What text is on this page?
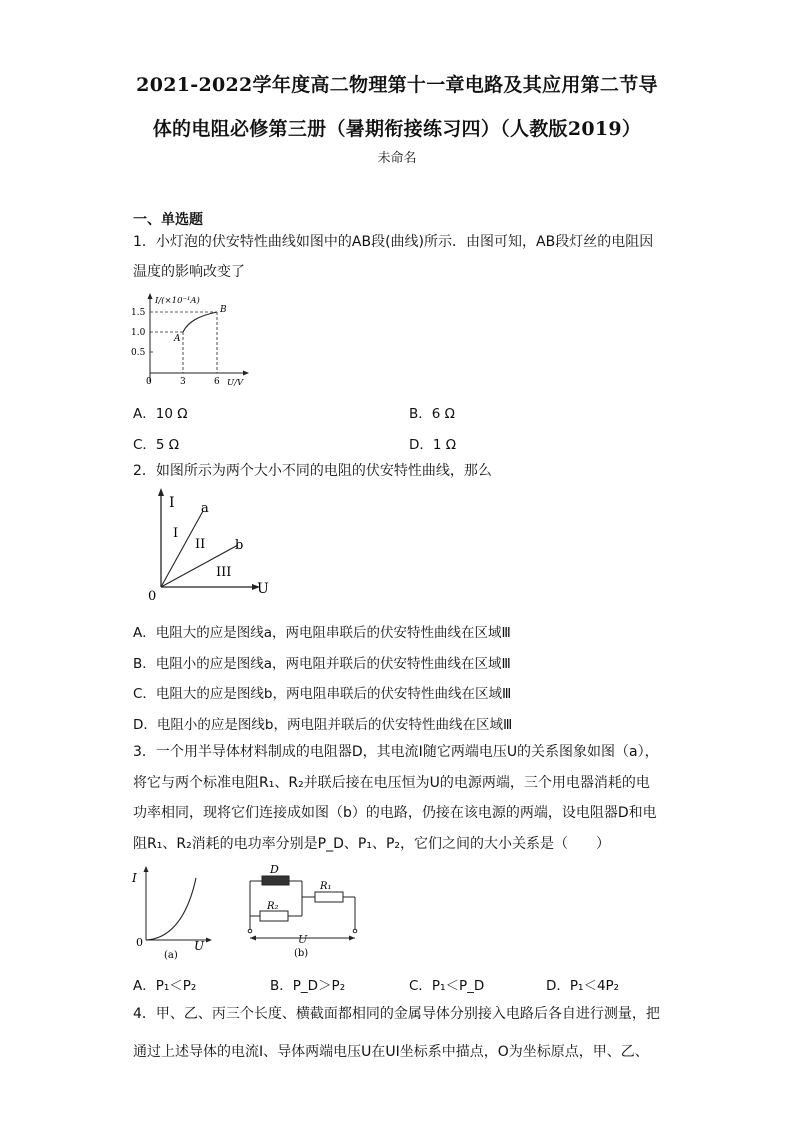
2021-2022学年度高二物理第十一章电路及其应用第二节导
体的电阻必修第三册（暑期衔接练习四）（人教版2019）
未命名
一、单选题
1．小灯泡的伏安特性曲线如图中的AB段(曲线)所示．由图可知，AB段灯丝的电阻因
温度的影响改变了
I/(×10⁻¹A)
1.5
1.0
0.5
0	3	6 U/V
A
B
A．10 Ω	B．6 Ω
C．5 Ω	D．1 Ω
2．如图所示为两个大小不同的电阻的伏安特性曲线，那么
I
U
0
a
b
I
II
III
A．电阻大的应是图线a，两电阻串联后的伏安特性曲线在区域Ⅲ
B．电阻小的应是图线a，两电阻并联后的伏安特性曲线在区域Ⅲ
C．电阻大的应是图线b，两电阻串联后的伏安特性曲线在区域Ⅲ
D．电阻小的应是图线b，两电阻并联后的伏安特性曲线在区域Ⅲ
3．一个用半导体材料制成的电阻器D，其电流I随它两端电压U的关系图象如图（a），
将它与两个标准电阻R₁、R₂并联后接在电压恒为U的电源两端，三个用电器消耗的电
功率相同，现将它们连接成如图（b）的电路，仍接在该电源的两端，设电阻器D和电
阻R₁、R₂消耗的电功率分别是P_D、P₁、P₂，它们之间的大小关系是（　　）
I
0	U
(a)
D
R₁
R₂
U
(b)
A．P₁＜P₂	B．P_D＞P₂	C．P₁＜P_D	D．P₁＜4P₂
4．甲、乙、丙三个长度、横截面都相同的金属导体分别接入电路后各自进行测量，把
通过上述导体的电流I、导体两端电压U在UI坐标系中描点，O为坐标原点，甲、乙、
